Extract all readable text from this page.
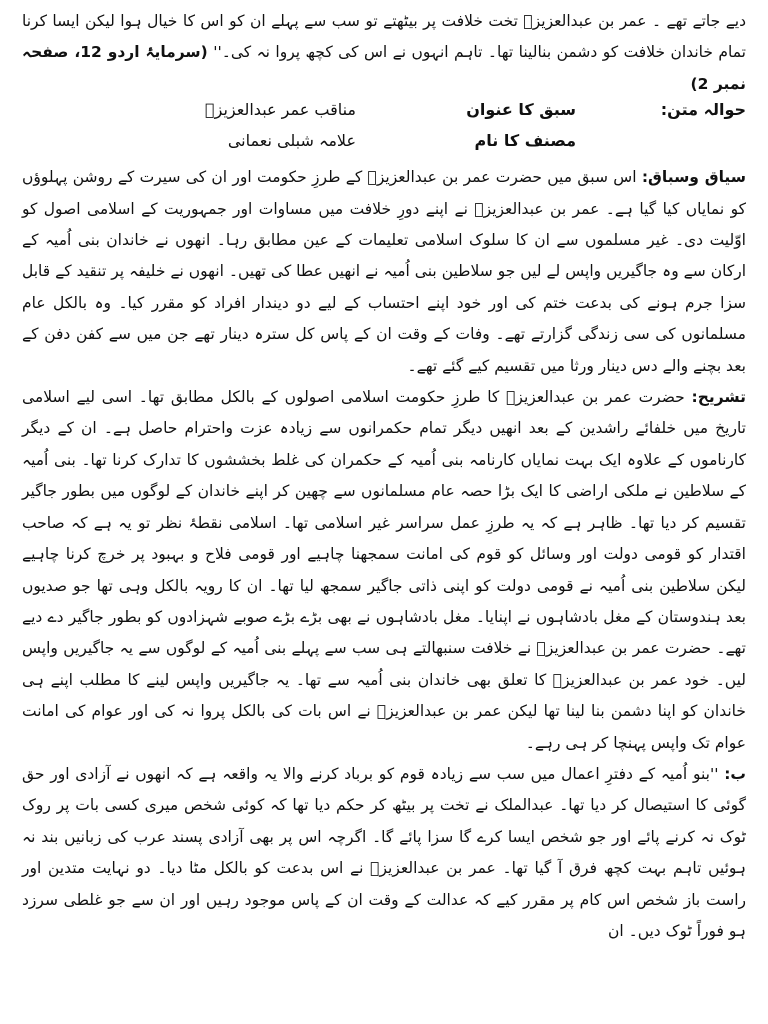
دیے جاتے تھے ۔ عمر بن عبدالعزیزؒ تخت خلافت پر بیٹھتے تو سب سے پہلے ان کو اس کا خیال ہوا لیکن ایسا کرنا تمام خاندان خلافت کو دشمن بنالینا تھا۔ تاہم انہوں نے اس کی کچھ پروا نہ کی۔'' (سرمایۂ اردو 12، صفحہ نمبر 2)

حوالہ متن:
سبق کا عنوان
مناقب عمر عبدالعزیزؒ
مصنف کا نام
علامہ شبلی نعمانی

سیاق وسباق: اس سبق میں حضرت عمر بن عبدالعزیزؒ کے طرزِ حکومت اور ان کی سیرت کے روشن پہلوؤں کو نمایاں کیا گیا ہے۔ عمر بن عبدالعزیزؒ نے اپنے دورِ خلافت میں مساوات اور جمہوریت کے اسلامی اصول کو اوّلیت دی۔ غیر مسلموں سے ان کا سلوک اسلامی تعلیمات کے عین مطابق رہا۔ انھوں نے خاندان بنی اُمیہ کے ارکان سے وہ جاگیریں واپس لے لیں جو سلاطین بنی اُمیہ نے انھیں عطا کی تھیں۔ انھوں نے خلیفہ پر تنقید کے قابل سزا جرم ہونے کی بدعت ختم کی اور خود اپنے احتساب کے لیے دو دیندار افراد کو مقرر کیا۔ وہ بالکل عام مسلمانوں کی سی زندگی گزارتے تھے۔ وفات کے وقت ان کے پاس کل سترہ دینار تھے جن میں سے کفن دفن کے بعد بچنے والے دس دینار ورثا میں تقسیم کیے گئے تھے۔

تشریح: حضرت عمر بن عبدالعزیزؒ کا طرزِ حکومت اسلامی اصولوں کے بالکل مطابق تھا۔ اسی لیے اسلامی تاریخ میں خلفائے راشدین کے بعد انھیں دیگر تمام حکمرانوں سے زیادہ عزت واحترام حاصل ہے۔ ان کے دیگر کارناموں کے علاوہ ایک بہت نمایاں کارنامہ بنی اُمیہ کے حکمران کی غلط بخششوں کا تدارک کرنا تھا۔ بنی اُمیہ کے سلاطین نے ملکی اراضی کا ایک بڑا حصہ عام مسلمانوں سے چھین کر اپنے خاندان کے لوگوں میں بطور جاگیر تقسیم کر دیا تھا۔ ظاہر ہے کہ یہ طرزِ عمل سراسر غیر اسلامی تھا۔ اسلامی نقطۂ نظر تو یہ ہے کہ صاحب اقتدار کو قومی دولت اور وسائل کو قوم کی امانت سمجھنا چاہیے اور قومی فلاح و بہبود پر خرچ کرنا چاہیے لیکن سلاطین بنی اُمیہ نے قومی دولت کو اپنی ذاتی جاگیر سمجھ لیا تھا۔ ان کا رویہ بالکل وہی تھا جو صدیوں بعد ہندوستان کے مغل بادشاہوں نے اپنایا۔ مغل بادشاہوں نے بھی بڑے بڑے صوبے شہزادوں کو بطور جاگیر دے دیے تھے۔ حضرت عمر بن عبدالعزیزؒ نے خلافت سنبھالتے ہی سب سے پہلے بنی اُمیہ کے لوگوں سے یہ جاگیریں واپس لیں۔ خود عمر بن عبدالعزیزؒ کا تعلق بھی خاندان بنی اُمیہ سے تھا۔ یہ جاگیریں واپس لینے کا مطلب اپنے ہی خاندان کو اپنا دشمن بنا لینا تھا لیکن عمر بن عبدالعزیزؒ نے اس بات کی بالکل پروا نہ کی اور عوام کی امانت عوام تک واپس پہنچا کر ہی رہے۔

ب: ''بنو اُمیہ کے دفترِ اعمال میں سب سے زیادہ قوم کو برباد کرنے والا یہ واقعہ ہے کہ انھوں نے آزادی اور حق گوئی کا استیصال کر دیا تھا۔ عبدالملک نے تخت پر بیٹھ کر حکم دیا تھا کہ کوئی شخص میری کسی بات پر روک ٹوک نہ کرنے پائے اور جو شخص ایسا کرے گا سزا پائے گا۔ اگرچہ اس پر بھی آزادی پسند عرب کی زبانیں بند نہ ہوئیں تاہم بہت کچھ فرق آ گیا تھا۔ عمر بن عبدالعزیزؒ نے اس بدعت کو بالکل مٹا دیا۔ دو نہایت متدین اور راست باز شخص اس کام پر مقرر کیے کہ عدالت کے وقت ان کے پاس موجود رہیں اور ان سے جو غلطی سرزد ہو فوراً ٹوک دیں۔ ان
